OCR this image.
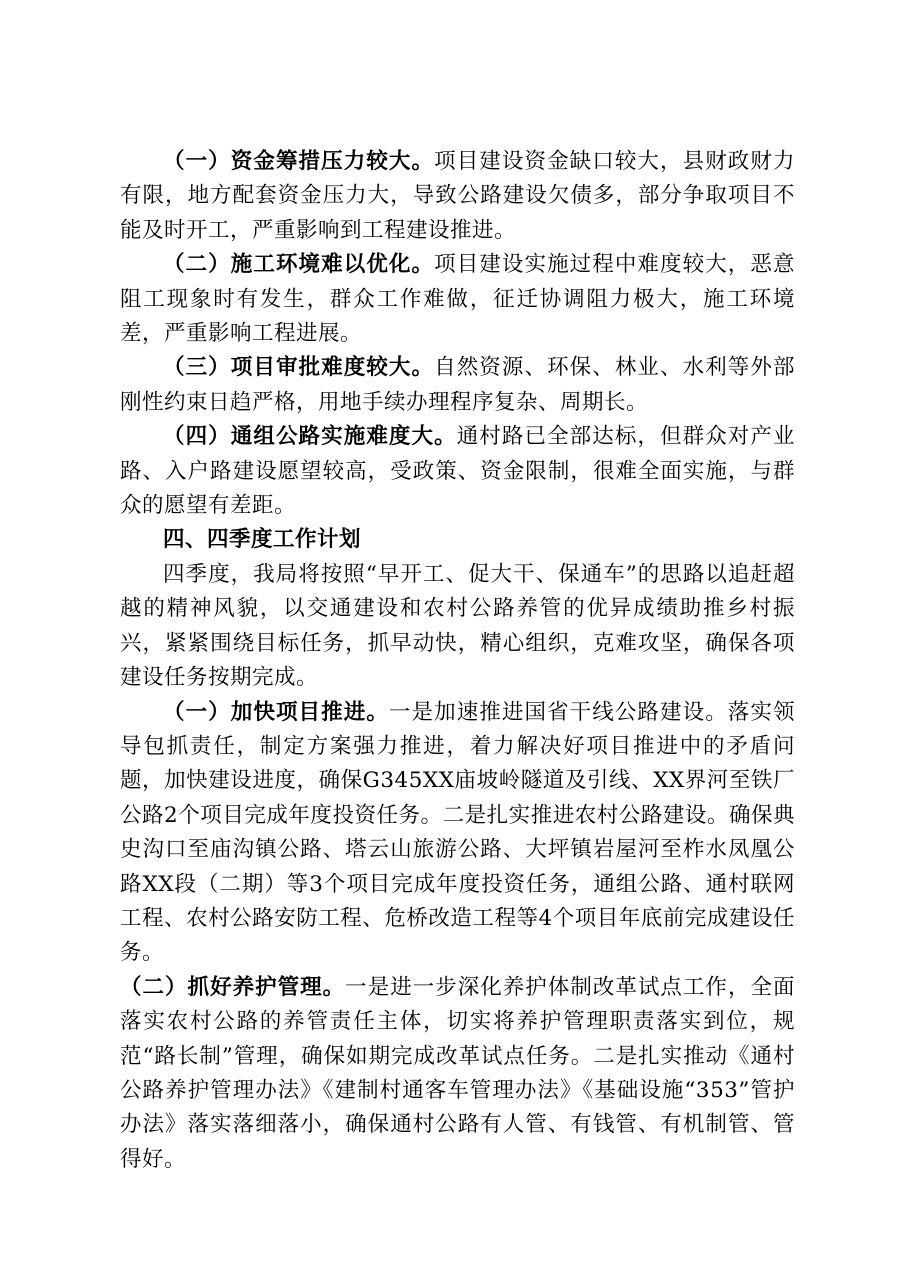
（一）资金筹措压力较大。项目建设资金缺口较大，县财政财力有限，地方配套资金压力大，导致公路建设欠债多，部分争取项目不能及时开工，严重影响到工程建设推进。

（二）施工环境难以优化。项目建设实施过程中难度较大，恶意阻工现象时有发生，群众工作难做，征迁协调阻力极大，施工环境差，严重影响工程进展。

（三）项目审批难度较大。自然资源、环保、林业、水利等外部刚性约束日趋严格，用地手续办理程序复杂、周期长。

（四）通组公路实施难度大。通村路已全部达标，但群众对产业路、入户路建设愿望较高，受政策、资金限制，很难全面实施，与群众的愿望有差距。

四、四季度工作计划

四季度，我局将按照“早开工、促大干、保通车”的思路以追赶超越的精神风貌，以交通建设和农村公路养管的优异成绩助推乡村振兴，紧紧围绕目标任务，抓早动快，精心组织，克难攻坚，确保各项建设任务按期完成。

（一）加快项目推进。一是加速推进国省干线公路建设。落实领导包抓责任，制定方案强力推进，着力解决好项目推进中的矛盾问题，加快建设进度，确保G345XX庙坡岭隧道及引线、XX界河至铁厂公路2个项目完成年度投资任务。二是扎实推进农村公路建设。确保典史沟口至庙沟镇公路、塔云山旅游公路、大坪镇岩屋河至柞水凤凰公路XX段（二期）等3个项目完成年度投资任务，通组公路、通村联网工程、农村公路安防工程、危桥改造工程等4个项目年底前完成建设任务。

（二）抓好养护管理。一是进一步深化养护体制改革试点工作，全面落实农村公路的养管责任主体，切实将养护管理职责落实到位，规范“路长制”管理，确保如期完成改革试点任务。二是扎实推动《通村公路养护管理办法》《建制村通客车管理办法》《基础设施“353”管护办法》落实落细落小，确保通村公路有人管、有钱管、有机制管、管得好。
